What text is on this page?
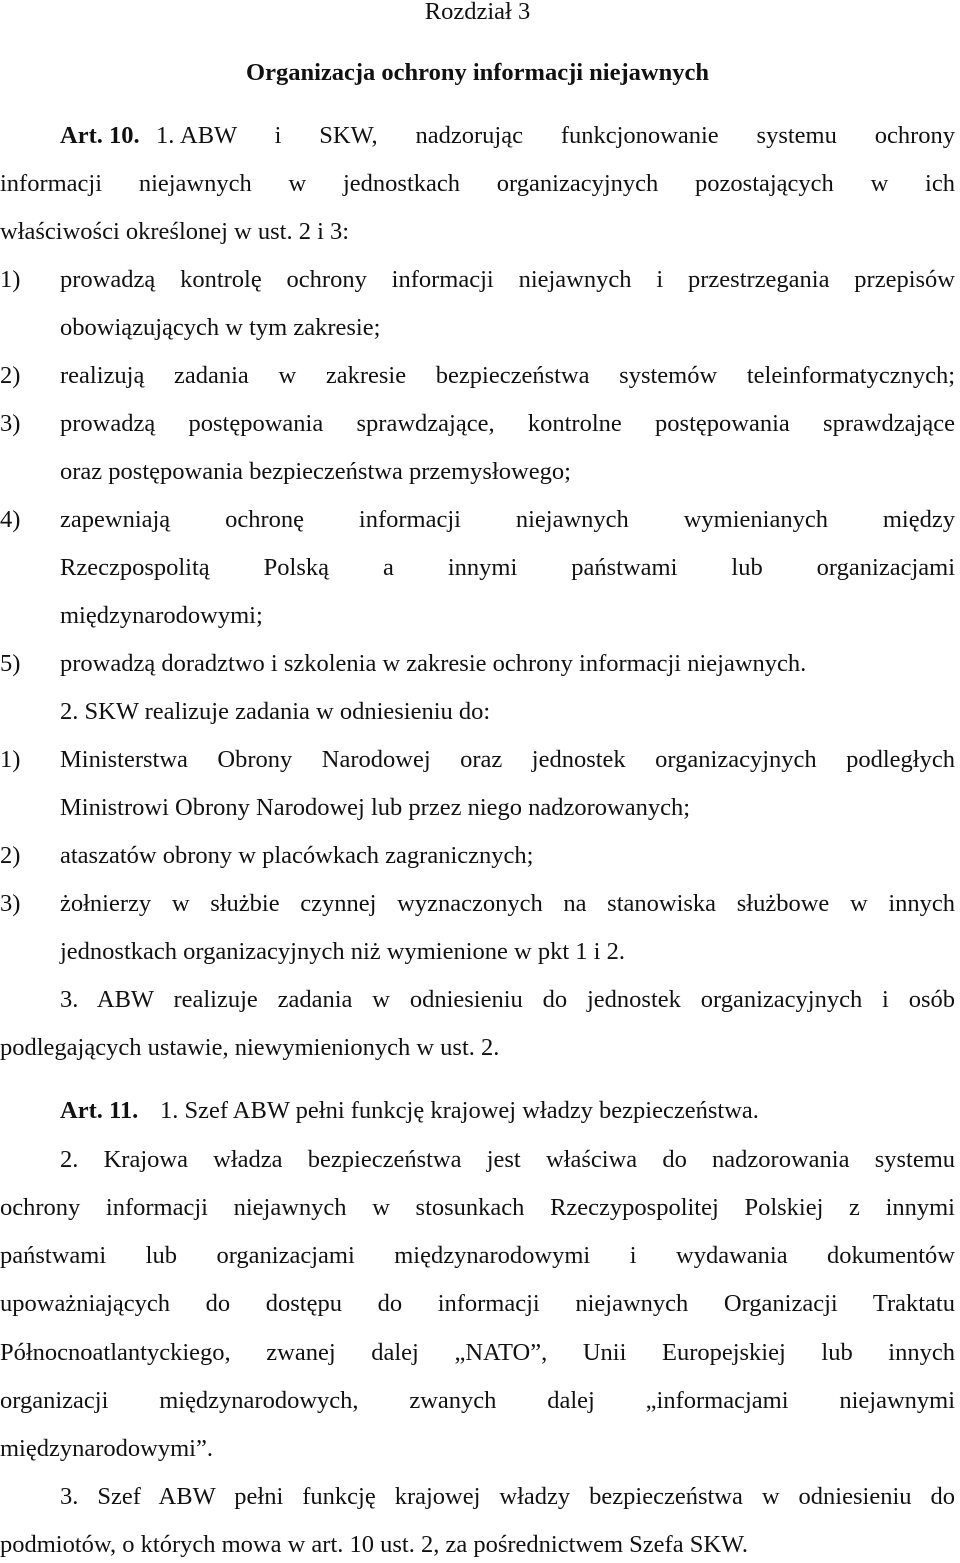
Rozdział 3
Organizacja ochrony informacji niejawnych
Art. 10. 1. ABW i SKW, nadzorując funkcjonowanie systemu ochrony
informacji niejawnych w jednostkach organizacyjnych pozostających w ich
właściwości określonej w ust. 2 i 3:
1) prowadzą kontrolę ochrony informacji niejawnych i przestrzegania przepisów
obowiązujących w tym zakresie;
2) realizują zadania w zakresie bezpieczeństwa systemów teleinformatycznych;
3) prowadzą postępowania sprawdzające, kontrolne postępowania sprawdzające
oraz postępowania bezpieczeństwa przemysłowego;
4) zapewniają ochronę informacji niejawnych wymienianych między
Rzeczpospolitą Polską a innymi państwami lub organizacjami
międzynarodowymi;
5) prowadzą doradztwo i szkolenia w zakresie ochrony informacji niejawnych.
2. SKW realizuje zadania w odniesieniu do:
1) Ministerstwa Obrony Narodowej oraz jednostek organizacyjnych podległych
Ministrowi Obrony Narodowej lub przez niego nadzorowanych;
2) ataszatów obrony w placówkach zagranicznych;
3) żołnierzy w służbie czynnej wyznaczonych na stanowiska służbowe w innych
jednostkach organizacyjnych niż wymienione w pkt 1 i 2.
3. ABW realizuje zadania w odniesieniu do jednostek organizacyjnych i osób
podlegających ustawie, niewymienionych w ust. 2.
Art. 11. 1. Szef ABW pełni funkcję krajowej władzy bezpieczeństwa.
2. Krajowa władza bezpieczeństwa jest właściwa do nadzorowania systemu
ochrony informacji niejawnych w stosunkach Rzeczypospolitej Polskiej z innymi
państwami lub organizacjami międzynarodowymi i wydawania dokumentów
upoważniających do dostępu do informacji niejawnych Organizacji Traktatu
Północnoatlantyckiego, zwanej dalej „NATO”, Unii Europejskiej lub innych
organizacji międzynarodowych, zwanych dalej „informacjami niejawnymi
międzynarodowymi”.
3. Szef ABW pełni funkcję krajowej władzy bezpieczeństwa w odniesieniu do
podmiotów, o których mowa w art. 10 ust. 2, za pośrednictwem Szefa SKW.
